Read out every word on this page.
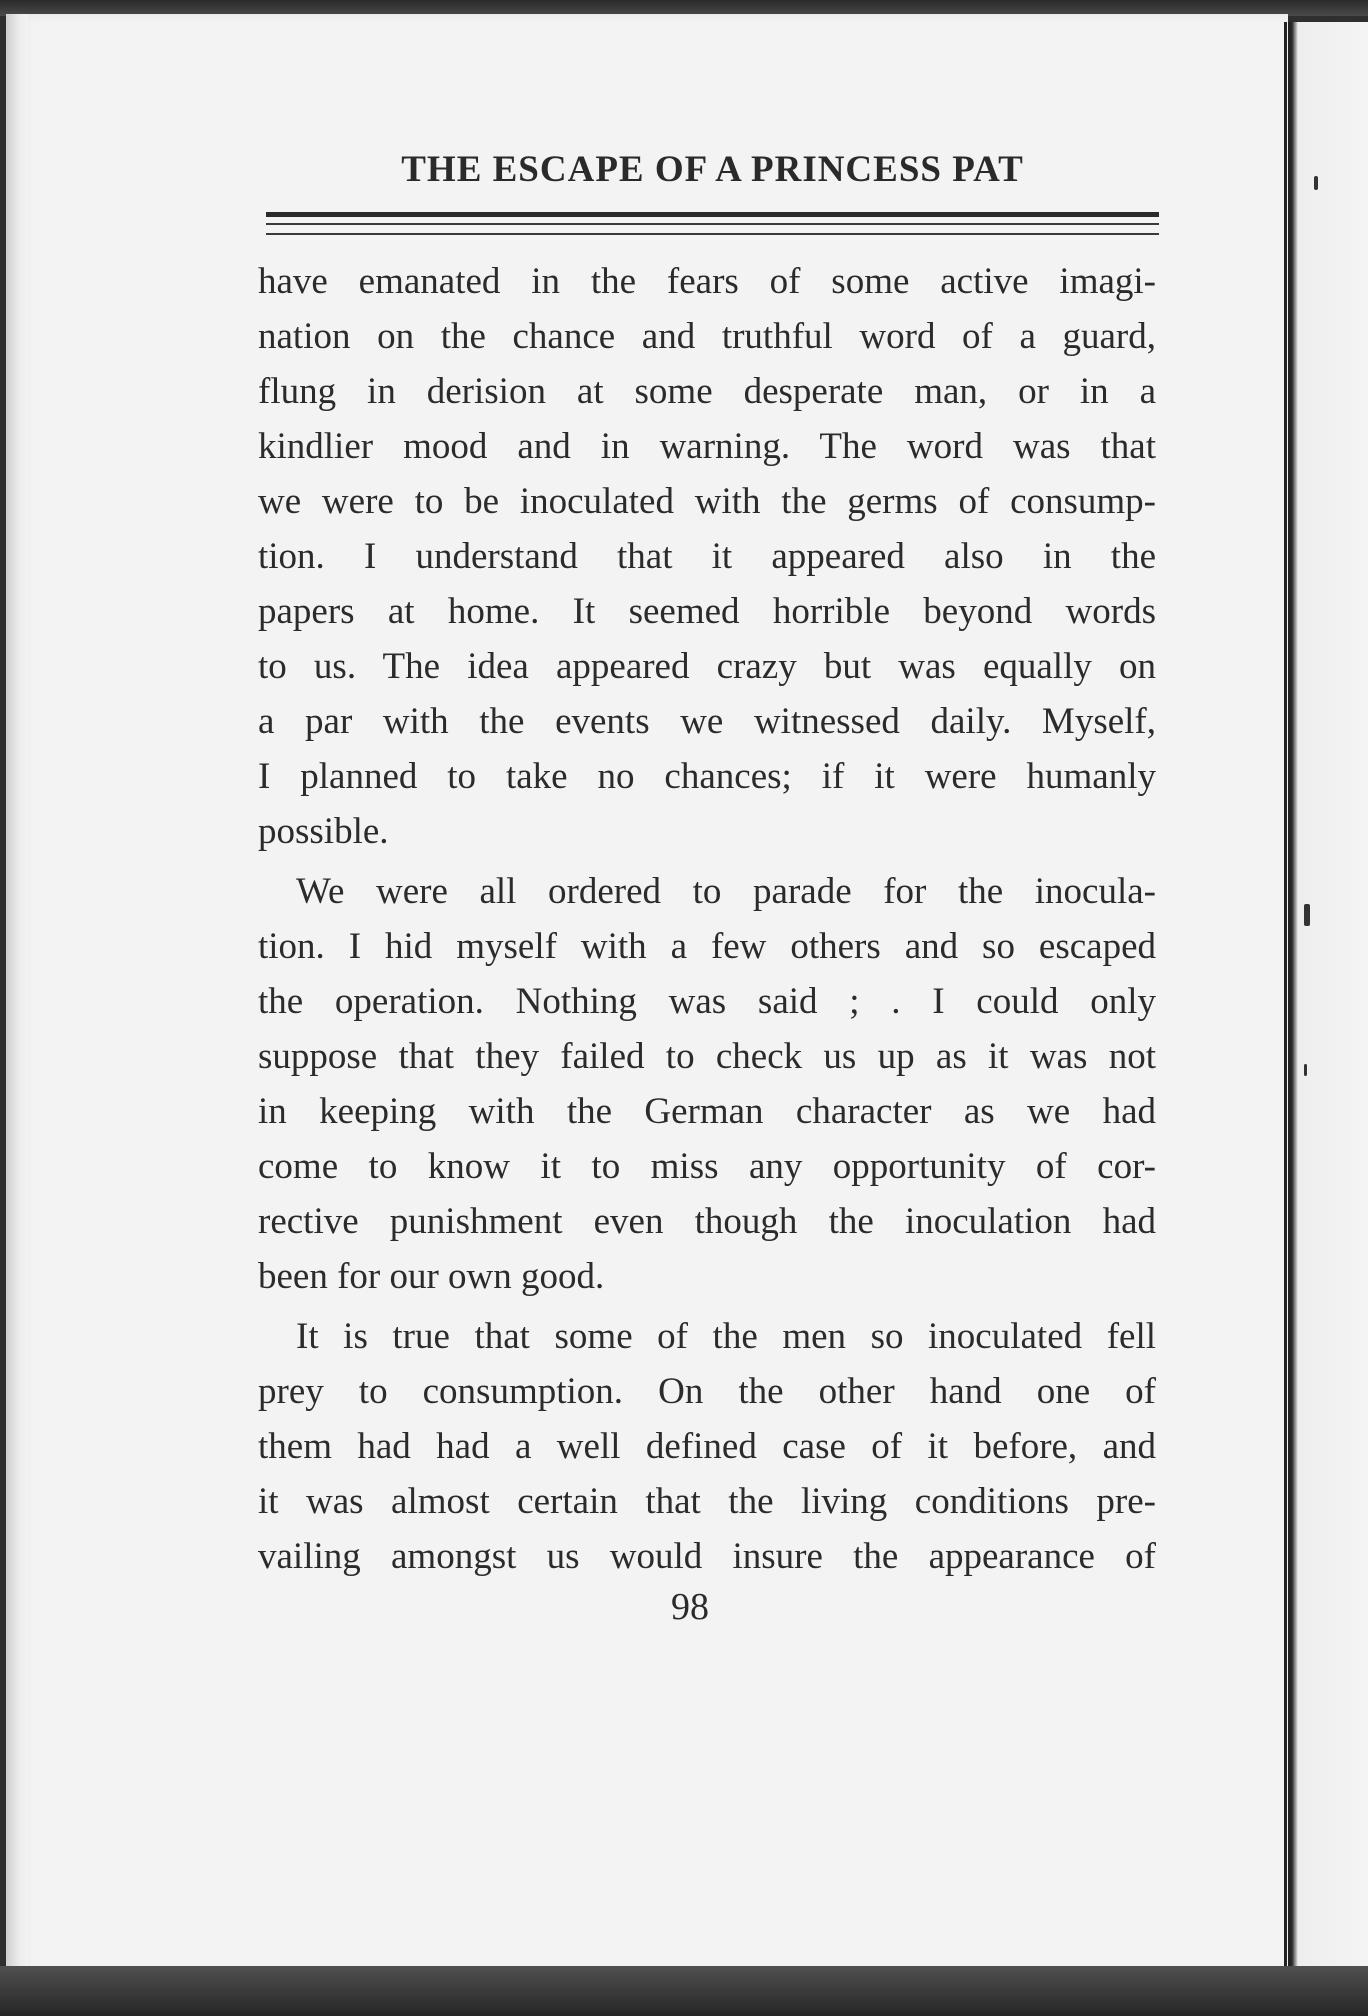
THE ESCAPE OF A PRINCESS PAT
have emanated in the fears of some active imagi-
nation on the chance and truthful word of a guard,
flung in derision at some desperate man, or in a
kindlier mood and in warning. The word was that
we were to be inoculated with the germs of consump-
tion. I understand that it appeared also in the
papers at home. It seemed horrible beyond words
to us. The idea appeared crazy but was equally on
a par with the events we witnessed daily. Myself,
I planned to take no chances; if it were humanly
possible.
We were all ordered to parade for the inocula-
tion. I hid myself with a few others and so escaped
the operation. Nothing was said ; . I could only
suppose that they failed to check us up as it was not
in keeping with the German character as we had
come to know it to miss any opportunity of cor-
rective punishment even though the inoculation had
been for our own good.
It is true that some of the men so inoculated fell
prey to consumption. On the other hand one of
them had had a well defined case of it before, and
it was almost certain that the living conditions pre-
vailing amongst us would insure the appearance of
98
